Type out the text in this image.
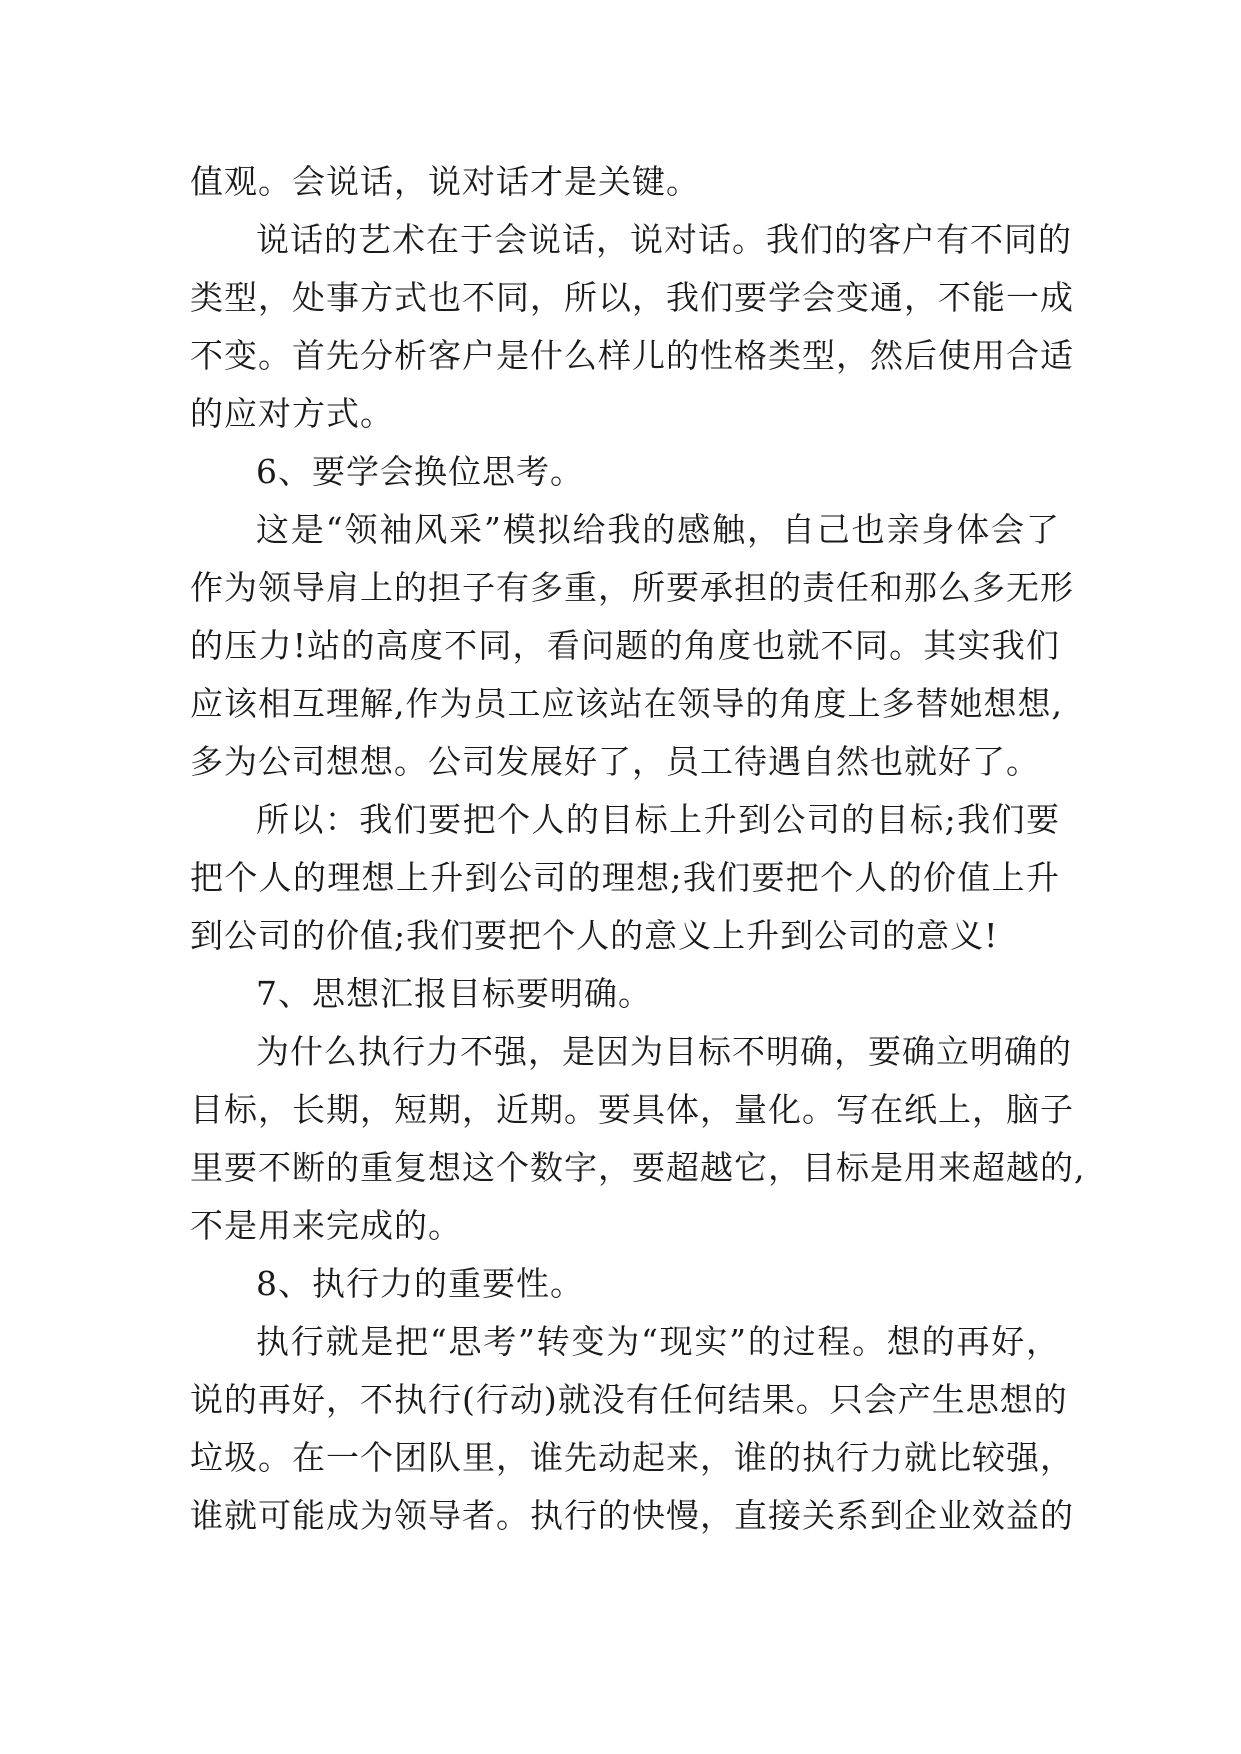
值观。会说话，说对话才是关键。
说话的艺术在于会说话，说对话。我们的客户有不同的
类型，处事方式也不同，所以，我们要学会变通，不能一成
不变。首先分析客户是什么样儿的性格类型，然后使用合适
的应对方式。
6、要学会换位思考。
这是“领袖风采”模拟给我的感触，自己也亲身体会了
作为领导肩上的担子有多重，所要承担的责任和那么多无形
的压力!站的高度不同，看问题的角度也就不同。其实我们
应该相互理解,作为员工应该站在领导的角度上多替她想想,
多为公司想想。公司发展好了，员工待遇自然也就好了。
所以：我们要把个人的目标上升到公司的目标;我们要
把个人的理想上升到公司的理想;我们要把个人的价值上升
到公司的价值;我们要把个人的意义上升到公司的意义!
7、思想汇报目标要明确。
为什么执行力不强，是因为目标不明确，要确立明确的
目标，长期，短期，近期。要具体，量化。写在纸上，脑子
里要不断的重复想这个数字，要超越它，目标是用来超越的,
不是用来完成的。
8、执行力的重要性。
执行就是把“思考”转变为“现实”的过程。想的再好，
说的再好，不执行(行动)就没有任何结果。只会产生思想的
垃圾。在一个团队里，谁先动起来，谁的执行力就比较强，
谁就可能成为领导者。执行的快慢，直接关系到企业效益的
